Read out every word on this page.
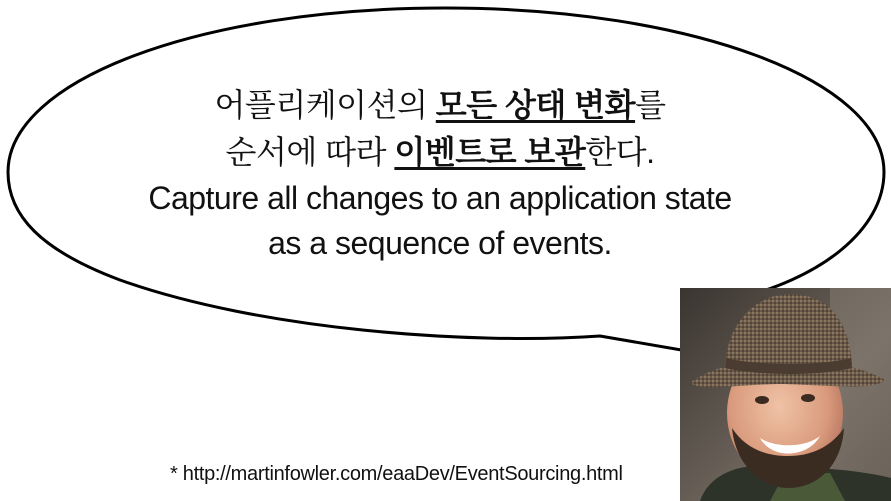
어플리케이션의 모든 상태 변화를
순서에 따라 이벤트로 보관한다.
Capture all changes to an application state
as a sequence of events.
* http://martinfowler.com/eaaDev/EventSourcing.html
